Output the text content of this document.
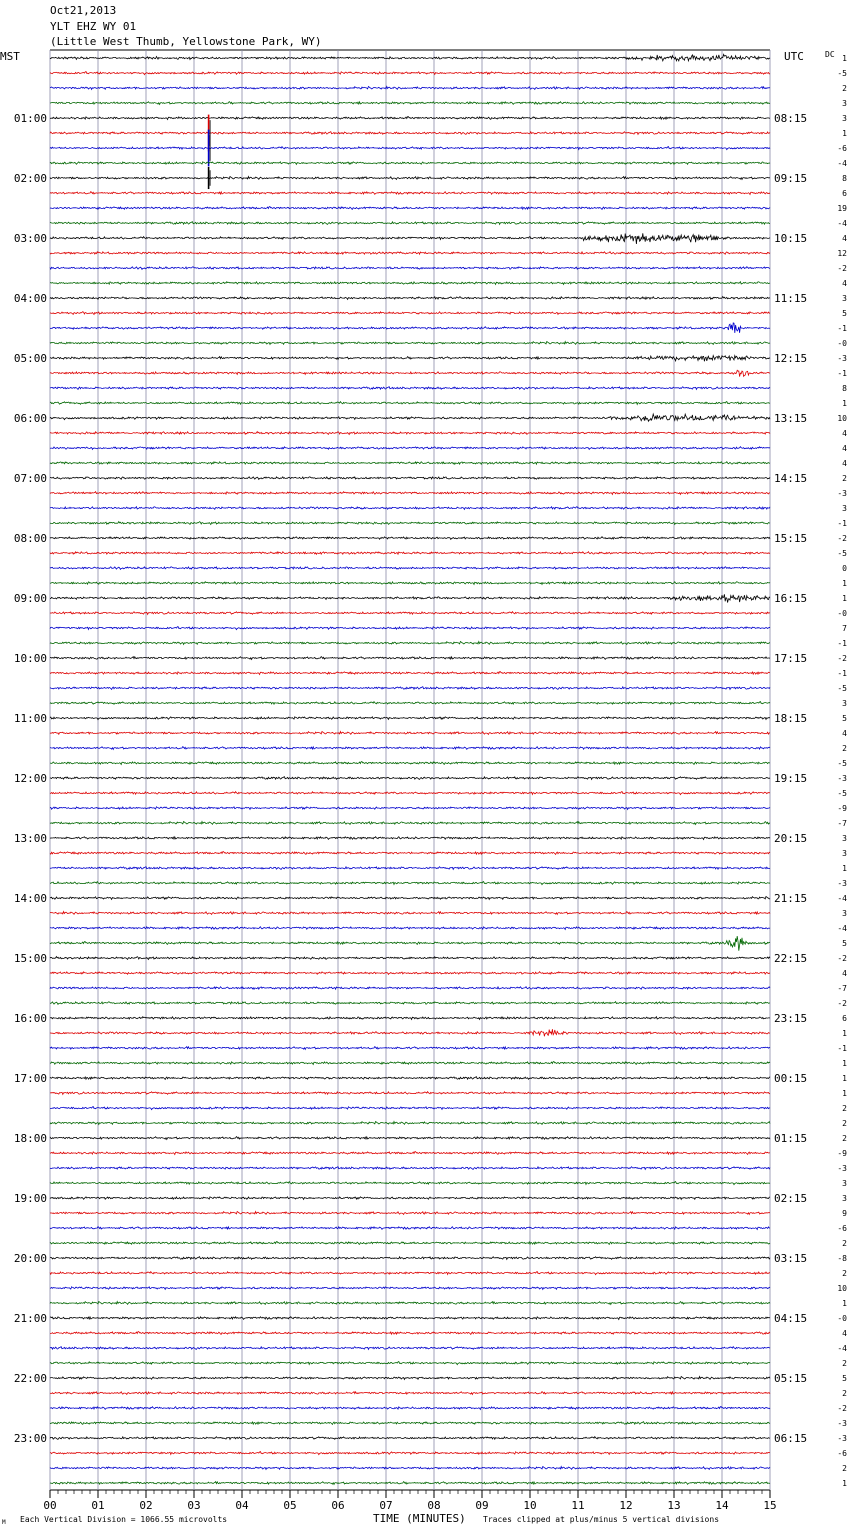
Oct21,2013
YLT EHZ WY 01
(Little West Thumb, Yellowstone Park, WY)
MST	UTC	DC
00	01	02	03	04	05	06	07	08	09	10	11	12	13	14	15
1
-5
2
3
3
1
-6
-4
8
6
19
-4
4
12
-2
4
3
5
-1
-0
-3
-1
8
1
10
4
4
4
2
-3
3
-1
-2
-5
0
1
1
-0
7
-1
-2
-1
-5
3
5
4
2
-5
-3
-5
-9
-7
3
3
1
-3
-4
3
-4
5
-2
4
-7
-2
6
1
-1
1
1
1
2
2
2
-9
-3
3
3
9
-6
2
-8
2
10
1
-0
4
-4
2
5
2
-2
-3
-3
-6
2
1
01:00
02:00
03:00
04:00
05:00
06:00
07:00
08:00
09:00
10:00
11:00
12:00
13:00
14:00
15:00
16:00
17:00
18:00
19:00
20:00
21:00
22:00
23:00
08:15
09:15
10:15
11:15
12:15
13:15
14:15
15:15
16:15
17:15
18:15
19:15
20:15
21:15
22:15
23:15
00:15
01:15
02:15
03:15
04:15
05:15
06:15
M Each Vertical Division = 1066.55 microvolts	TIME (MINUTES) Traces clipped at plus/minus 5 vertical divisions
